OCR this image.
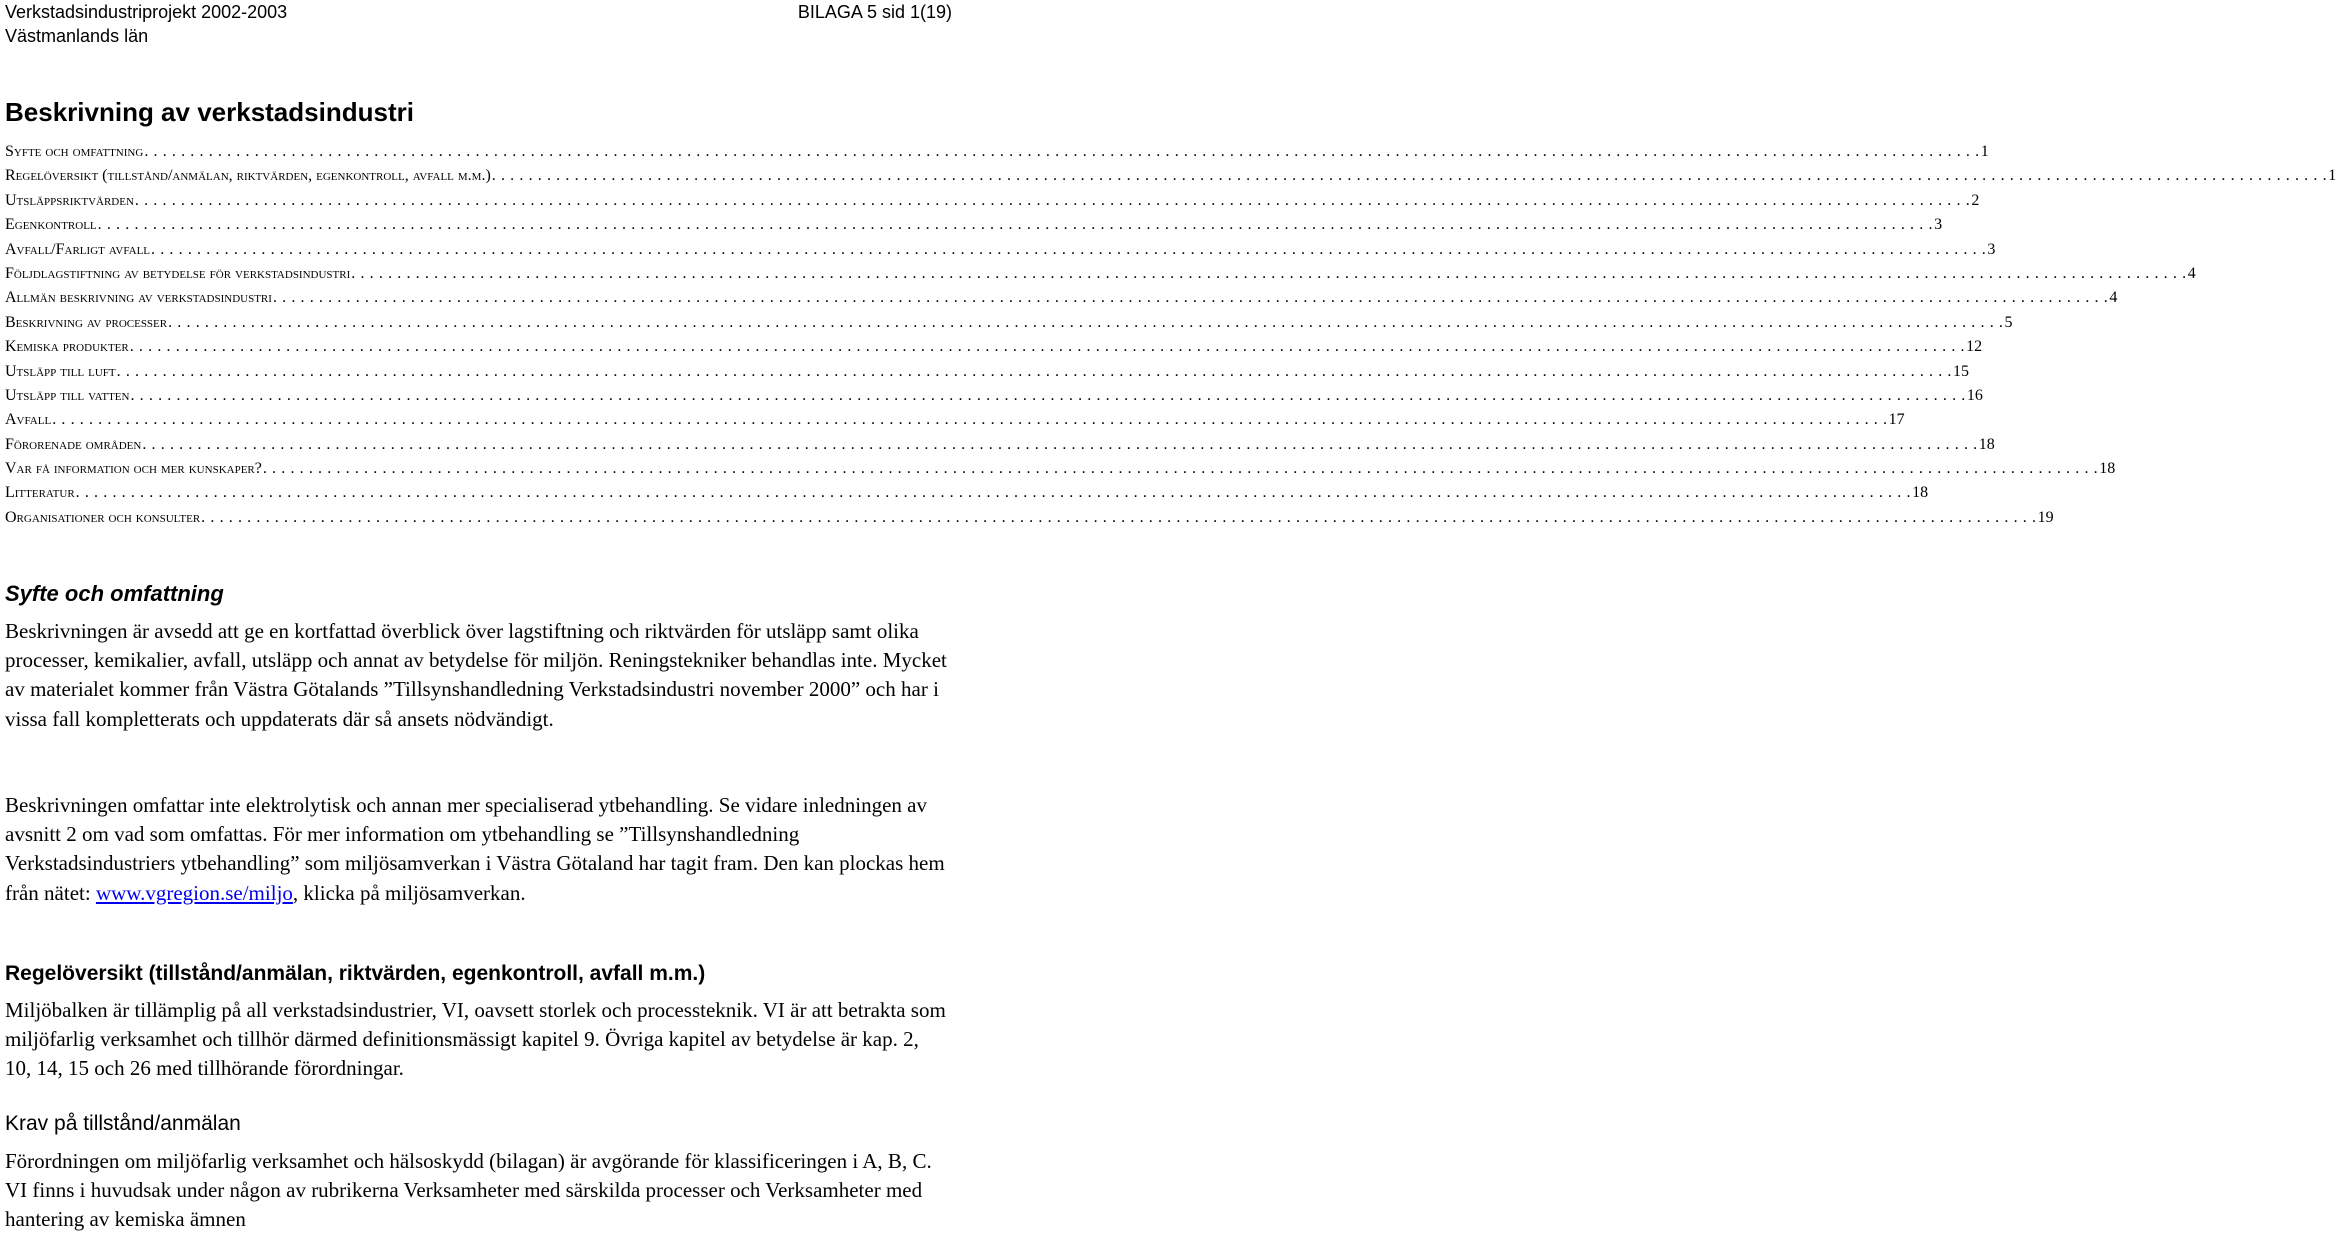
Verkstadsindustriprojekt 2002-2003
Västmanlands län
BILAGA 5 sid 1(19)
Beskrivning av verkstadsindustri
Syfte och omfattning . . . . . . . . . . . . . . . . . . . . . . . . . . . . . . . . . . . . . . . . . . . . . . . . . . . . . . . . . . . . . . . . . . . . . . . . . . . . . . . . . . . . . . . . . . . . . . . . . . . . . . . . . . . . . . . . . . . . . . . . . . . . . . . . . . . . . . . . . . . . . . . . . . . . . . . . . . . . . . . . . . . . . . . . . . . . . . . . . . . . . . . . . . . . . . . . . . . . . . . . 1
Regelöversikt (tillstånd/anmälan, riktvärden, egenkontroll, avfall m.m.) . . . . . . . . . . . . . . . . . . . . . . . . . . . . . . . . . . . . . . . . . . . . . . . . . . . . . . . . . . . . . . . . . . . . . . . . . . . . . . . . . . . . . . . . . . . . . . . . . . . . . . . . . . . . . . . . . . . . . . . . . . . . . . . . . . . . . . . . . . . . . . . . . . . . . . . . . . . . . . . . . . . . . . . . . . . . . . . . . . . . . . . . . . . . . . . . . . . . . . . . 1
Utsläppsriktvärden . . . . . . . . . . . . . . . . . . . . . . . . . . . . . . . . . . . . . . . . . . . . . . . . . . . . . . . . . . . . . . . . . . . . . . . . . . . . . . . . . . . . . . . . . . . . . . . . . . . . . . . . . . . . . . . . . . . . . . . . . . . . . . . . . . . . . . . . . . . . . . . . . . . . . . . . . . . . . . . . . . . . . . . . . . . . . . . . . . . . . . . . . . . . . . . . . . . . . . . . 2
Egenkontroll . . . . . . . . . . . . . . . . . . . . . . . . . . . . . . . . . . . . . . . . . . . . . . . . . . . . . . . . . . . . . . . . . . . . . . . . . . . . . . . . . . . . . . . . . . . . . . . . . . . . . . . . . . . . . . . . . . . . . . . . . . . . . . . . . . . . . . . . . . . . . . . . . . . . . . . . . . . . . . . . . . . . . . . . . . . . . . . . . . . . . . . . . . . . . . . . . . . . . . . . 3
Avfall/Farligt avfall . . . . . . . . . . . . . . . . . . . . . . . . . . . . . . . . . . . . . . . . . . . . . . . . . . . . . . . . . . . . . . . . . . . . . . . . . . . . . . . . . . . . . . . . . . . . . . . . . . . . . . . . . . . . . . . . . . . . . . . . . . . . . . . . . . . . . . . . . . . . . . . . . . . . . . . . . . . . . . . . . . . . . . . . . . . . . . . . . . . . . . . . . . . . . . . . . . . . . . . . 3
Följdlagstiftning av betydelse för verkstadsindustri . . . . . . . . . . . . . . . . . . . . . . . . . . . . . . . . . . . . . . . . . . . . . . . . . . . . . . . . . . . . . . . . . . . . . . . . . . . . . . . . . . . . . . . . . . . . . . . . . . . . . . . . . . . . . . . . . . . . . . . . . . . . . . . . . . . . . . . . . . . . . . . . . . . . . . . . . . . . . . . . . . . . . . . . . . . . . . . . . . . . . . . . . . . . . . . . . . . . . . . . 4
Allmän beskrivning av verkstadsindustri . . . . . . . . . . . . . . . . . . . . . . . . . . . . . . . . . . . . . . . . . . . . . . . . . . . . . . . . . . . . . . . . . . . . . . . . . . . . . . . . . . . . . . . . . . . . . . . . . . . . . . . . . . . . . . . . . . . . . . . . . . . . . . . . . . . . . . . . . . . . . . . . . . . . . . . . . . . . . . . . . . . . . . . . . . . . . . . . . . . . . . . . . . . . . . . . . . . . . . . . 4
Beskrivning av processer . . . . . . . . . . . . . . . . . . . . . . . . . . . . . . . . . . . . . . . . . . . . . . . . . . . . . . . . . . . . . . . . . . . . . . . . . . . . . . . . . . . . . . . . . . . . . . . . . . . . . . . . . . . . . . . . . . . . . . . . . . . . . . . . . . . . . . . . . . . . . . . . . . . . . . . . . . . . . . . . . . . . . . . . . . . . . . . . . . . . . . . . . . . . . . . . . . . . . . . . 5
Kemiska produkter . . . . . . . . . . . . . . . . . . . . . . . . . . . . . . . . . . . . . . . . . . . . . . . . . . . . . . . . . . . . . . . . . . . . . . . . . . . . . . . . . . . . . . . . . . . . . . . . . . . . . . . . . . . . . . . . . . . . . . . . . . . . . . . . . . . . . . . . . . . . . . . . . . . . . . . . . . . . . . . . . . . . . . . . . . . . . . . . . . . . . . . . . . . . . . . . . . . . . . . . 12
Utsläpp till luft . . . . . . . . . . . . . . . . . . . . . . . . . . . . . . . . . . . . . . . . . . . . . . . . . . . . . . . . . . . . . . . . . . . . . . . . . . . . . . . . . . . . . . . . . . . . . . . . . . . . . . . . . . . . . . . . . . . . . . . . . . . . . . . . . . . . . . . . . . . . . . . . . . . . . . . . . . . . . . . . . . . . . . . . . . . . . . . . . . . . . . . . . . . . . . . . . . . . . . . . 15
Utsläpp till vatten . . . . . . . . . . . . . . . . . . . . . . . . . . . . . . . . . . . . . . . . . . . . . . . . . . . . . . . . . . . . . . . . . . . . . . . . . . . . . . . . . . . . . . . . . . . . . . . . . . . . . . . . . . . . . . . . . . . . . . . . . . . . . . . . . . . . . . . . . . . . . . . . . . . . . . . . . . . . . . . . . . . . . . . . . . . . . . . . . . . . . . . . . . . . . . . . . . . . . . . . 16
Avfall . . . . . . . . . . . . . . . . . . . . . . . . . . . . . . . . . . . . . . . . . . . . . . . . . . . . . . . . . . . . . . . . . . . . . . . . . . . . . . . . . . . . . . . . . . . . . . . . . . . . . . . . . . . . . . . . . . . . . . . . . . . . . . . . . . . . . . . . . . . . . . . . . . . . . . . . . . . . . . . . . . . . . . . . . . . . . . . . . . . . . . . . . . . . . . . . . . . . . . . . 17
Förorenade områden . . . . . . . . . . . . . . . . . . . . . . . . . . . . . . . . . . . . . . . . . . . . . . . . . . . . . . . . . . . . . . . . . . . . . . . . . . . . . . . . . . . . . . . . . . . . . . . . . . . . . . . . . . . . . . . . . . . . . . . . . . . . . . . . . . . . . . . . . . . . . . . . . . . . . . . . . . . . . . . . . . . . . . . . . . . . . . . . . . . . . . . . . . . . . . . . . . . . . . . . 18
Var få information och mer kunskaper? . . . . . . . . . . . . . . . . . . . . . . . . . . . . . . . . . . . . . . . . . . . . . . . . . . . . . . . . . . . . . . . . . . . . . . . . . . . . . . . . . . . . . . . . . . . . . . . . . . . . . . . . . . . . . . . . . . . . . . . . . . . . . . . . . . . . . . . . . . . . . . . . . . . . . . . . . . . . . . . . . . . . . . . . . . . . . . . . . . . . . . . . . . . . . . . . . . . . . . . . 18
Litteratur . . . . . . . . . . . . . . . . . . . . . . . . . . . . . . . . . . . . . . . . . . . . . . . . . . . . . . . . . . . . . . . . . . . . . . . . . . . . . . . . . . . . . . . . . . . . . . . . . . . . . . . . . . . . . . . . . . . . . . . . . . . . . . . . . . . . . . . . . . . . . . . . . . . . . . . . . . . . . . . . . . . . . . . . . . . . . . . . . . . . . . . . . . . . . . . . . . . . . . . . 18
Organisationer och konsulter . . . . . . . . . . . . . . . . . . . . . . . . . . . . . . . . . . . . . . . . . . . . . . . . . . . . . . . . . . . . . . . . . . . . . . . . . . . . . . . . . . . . . . . . . . . . . . . . . . . . . . . . . . . . . . . . . . . . . . . . . . . . . . . . . . . . . . . . . . . . . . . . . . . . . . . . . . . . . . . . . . . . . . . . . . . . . . . . . . . . . . . . . . . . . . . . . . . . . . . . 19
Syfte och omfattning

Beskrivningen är avsedd att ge en kortfattad överblick över lagstiftning och riktvärden för utsläpp samt olika processer, kemikalier, avfall, utsläpp och annat av betydelse för miljön. Reningstekniker behandlas inte. Mycket av materialet kommer från Västra Götalands ”Tillsynshandledning Verkstadsindustri november 2000” och har i vissa fall kompletterats och uppdaterats där så ansets nödvändigt.

Beskrivningen omfattar inte elektrolytisk och annan mer specialiserad ytbehandling. Se vidare inledningen av avsnitt 2 om vad som omfattas. För mer information om ytbehandling se ”Tillsynshandledning Verkstadsindustriers ytbehandling” som miljösamverkan i Västra Götaland har tagit fram. Den kan plockas hem från nätet: www.vgregion.se/miljo, klicka på miljösamverkan.

Regelöversikt (tillstånd/anmälan, riktvärden, egenkontroll, avfall m.m.)

Miljöbalken är tillämplig på all verkstadsindustrier, VI, oavsett storlek och processteknik. VI är att betrakta som miljöfarlig verksamhet och tillhör därmed definitionsmässigt kapitel 9. Övriga kapitel av betydelse är kap. 2, 10, 14, 15 och 26 med tillhörande förordningar.

Krav på tillstånd/anmälan

Förordningen om miljöfarlig verksamhet och hälsoskydd (bilagan) är avgörande för klassificeringen i A, B, C. VI finns i huvudsak under någon av rubrikerna Verksamheter med särskilda processer och Verksamheter med hantering av kemiska ämnen
